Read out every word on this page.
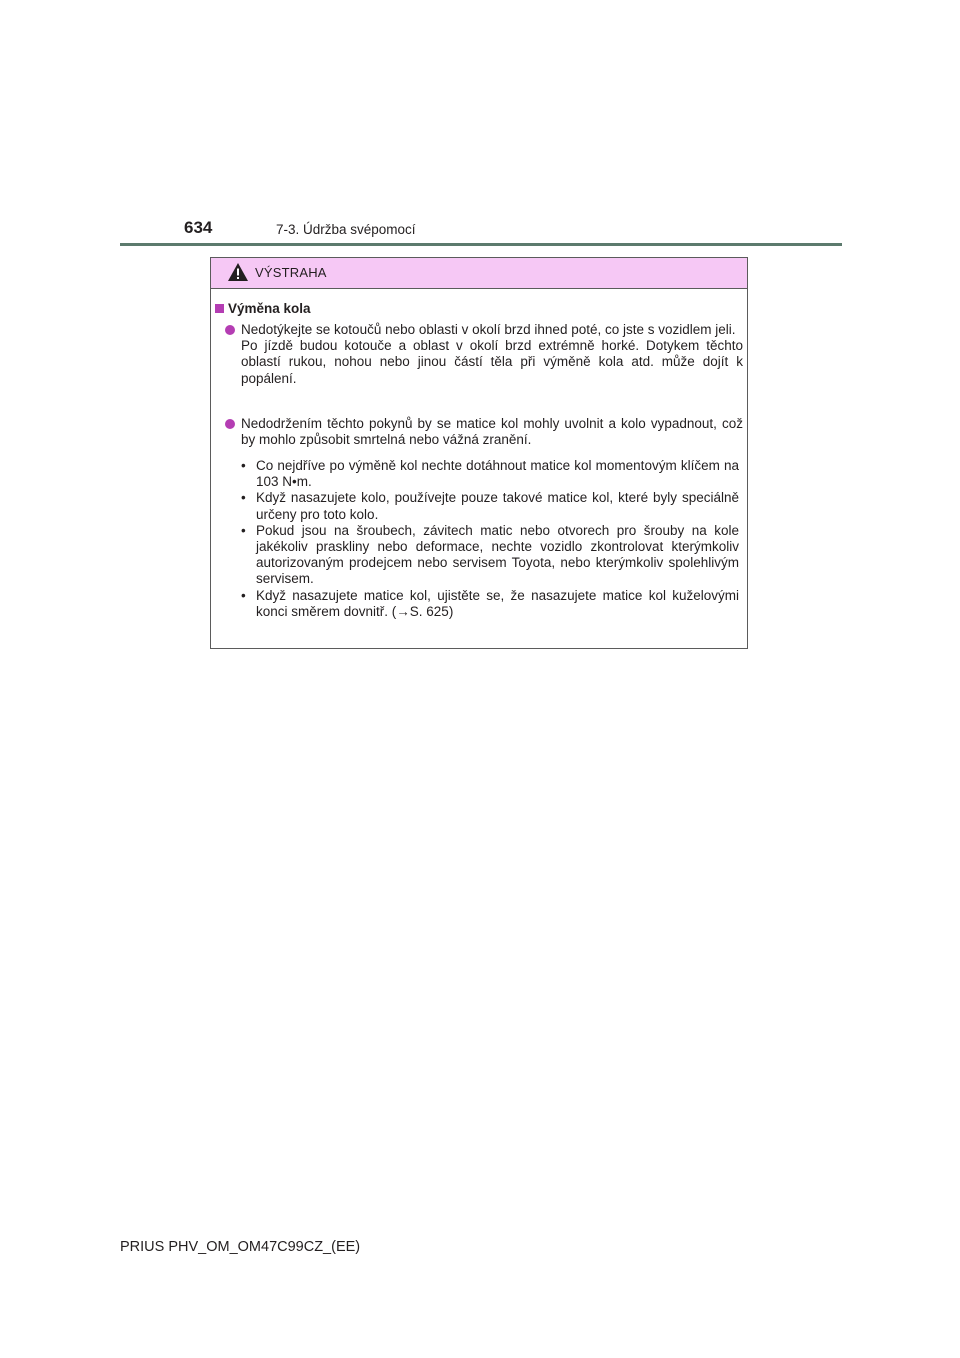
634	7-3. Údržba svépomocí
VÝSTRAHA
Výměna kola
Nedotýkejte se kotoučů nebo oblasti v okolí brzd ihned poté, co jste s vozidlem jeli.
Po jízdě budou kotouče a oblast v okolí brzd extrémně horké. Dotykem těchto oblastí rukou, nohou nebo jinou částí těla při výměně kola atd. může dojít k popálení.
Nedodržením těchto pokynů by se matice kol mohly uvolnit a kolo vypadnout, což by mohlo způsobit smrtelná nebo vážná zranění.
• Co nejdříve po výměně kol nechte dotáhnout matice kol momentovým klíčem na 103 N•m.
• Když nasazujete kolo, používejte pouze takové matice kol, které byly speciálně určeny pro toto kolo.
• Pokud jsou na šroubech, závitech matic nebo otvorech pro šrouby na kole jakékoliv praskliny nebo deformace, nechte vozidlo zkontrolovat kterýmkoliv autorizovaným prodejcem nebo servisem Toyota, nebo kterýmkoliv spolehlivým servisem.
• Když nasazujete matice kol, ujistěte se, že nasazujete matice kol kuželovými konci směrem dovnitř. (→S. 625)
PRIUS PHV_OM_OM47C99CZ_(EE)
